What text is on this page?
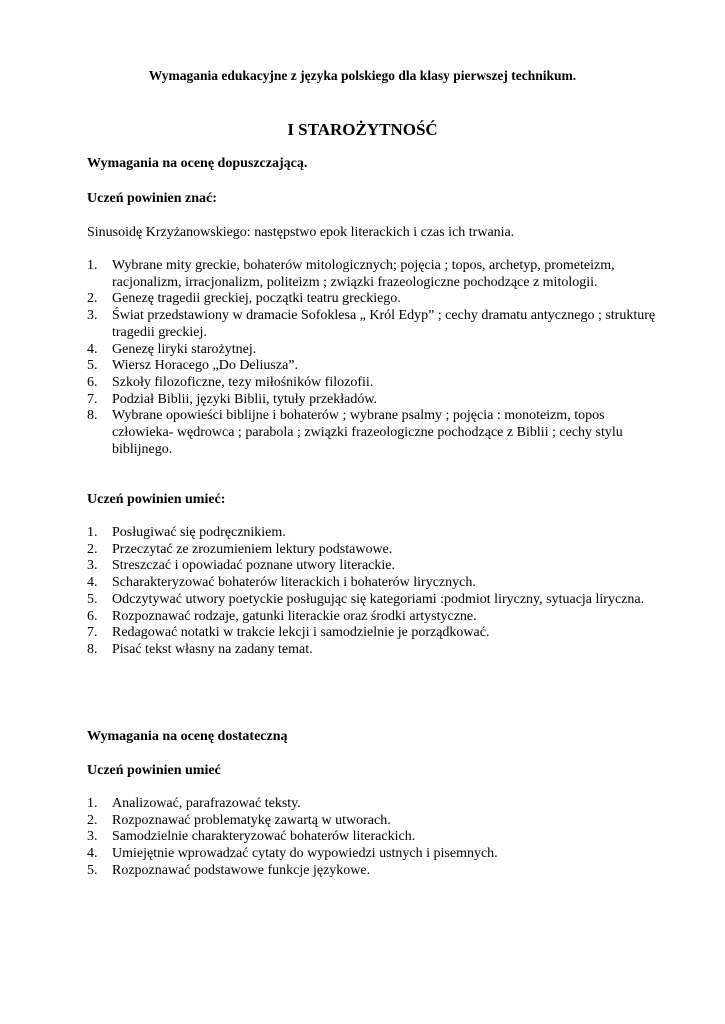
Wymagania edukacyjne z języka polskiego dla klasy pierwszej technikum.
I STAROŻYTNOŚĆ
Wymagania na ocenę dopuszczającą.
Uczeń powinien znać:
Sinusoidę Krzyżanowskiego: następstwo epok literackich i czas ich trwania.
1. Wybrane mity greckie, bohaterów mitologicznych; pojęcia ; topos, archetyp, prometeizm, racjonalizm, irracjonalizm, politeizm ; związki frazeologiczne pochodzące z mitologii.
2. Genezę tragedii greckiej, początki teatru greckiego.
3. Świat przedstawiony w dramacie Sofoklesa „ Król Edyp” ; cechy dramatu antycznego ; strukturę tragedii greckiej.
4. Genezę liryki starożytnej.
5. Wiersz Horacego „Do Deliusza”.
6. Szkoły filozoficzne, tezy miłośników filozofii.
7. Podział Biblii, języki Biblii, tytuły przekładów.
8. Wybrane opowieści biblijne i bohaterów ; wybrane psalmy ; pojęcia : monoteizm, topos człowieka- wędrowca ; parabola ; związki frazeologiczne pochodzące z Biblii ; cechy stylu biblijnego.
Uczeń powinien umieć:
1. Posługiwać się podręcznikiem.
2. Przeczytać ze zrozumieniem lektury podstawowe.
3. Streszczać i opowiadać poznane utwory literackie.
4. Scharakteryzować bohaterów literackich i bohaterów lirycznych.
5. Odczytywać utwory poetyckie posługując się kategoriami :podmiot liryczny, sytuacja liryczna.
6. Rozpoznawać rodzaje, gatunki literackie oraz środki artystyczne.
7. Redagować notatki w trakcie lekcji i samodzielnie je porządkować.
8. Pisać tekst własny na zadany temat.
Wymagania na ocenę dostateczną
Uczeń powinien umieć
1. Analizować, parafrazować teksty.
2. Rozpoznawać problematykę zawartą w utworach.
3. Samodzielnie charakteryzować bohaterów literackich.
4. Umiejętnie wprowadzać cytaty do wypowiedzi ustnych i pisemnych.
5. Rozpoznawać podstawowe funkcje językowe.
